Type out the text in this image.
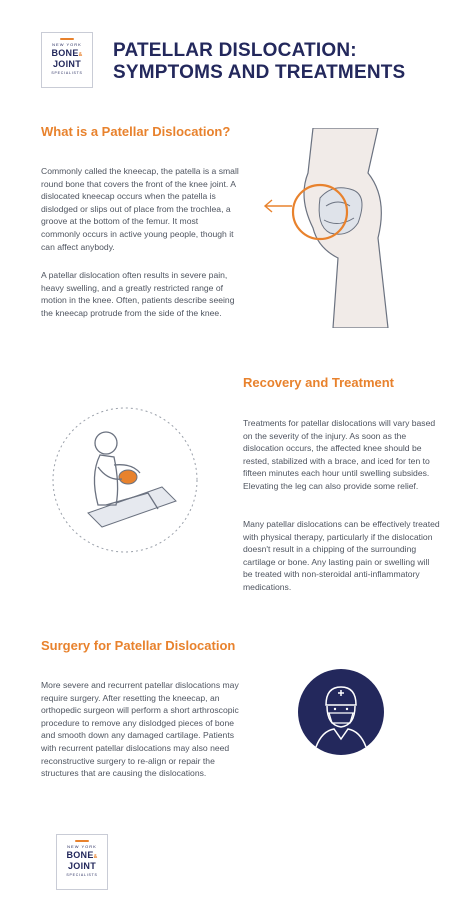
NEW YORK
BONE&
JOINT
SPECIALISTS
PATELLAR DISLOCATION:
SYMPTOMS AND TREATMENTS
What is a Patellar Dislocation?
Commonly called the kneecap, the patella is a small round bone that covers the front of the knee joint. A dislocated kneecap occurs when the patella is dislodged or slips out of place from the trochlea, a groove at the bottom of the femur. It most commonly occurs in active young people, though it can affect anybody.
A patellar dislocation often results in severe pain, heavy swelling, and a greatly restricted range of motion in the knee. Often, patients describe seeing the kneecap protrude from the side of the knee.
Recovery and Treatment
Treatments for patellar dislocations will vary based on the severity of the injury. As soon as the dislocation occurs, the affected knee should be rested, stabilized with a brace, and iced for ten to fifteen minutes each hour until swelling subsides. Elevating the leg can also provide some relief.
Many patellar dislocations can be effectively treated with physical therapy, particularly if the dislocation doesn't result in a chipping of the surrounding cartilage or bone. Any lasting pain or swelling will be treated with non-steroidal anti-inflammatory medications.
Surgery for Patellar Dislocation
More severe and recurrent patellar dislocations may require surgery. After resetting the kneecap, an orthopedic surgeon will perform a short arthroscopic procedure to remove any dislodged pieces of bone and smooth down any damaged cartilage. Patients with recurrent patellar dislocations may also need reconstructive surgery to re-align or repair the structures that are causing the dislocations.
NEW YORK
BONE&
JOINT
SPECIALISTS
